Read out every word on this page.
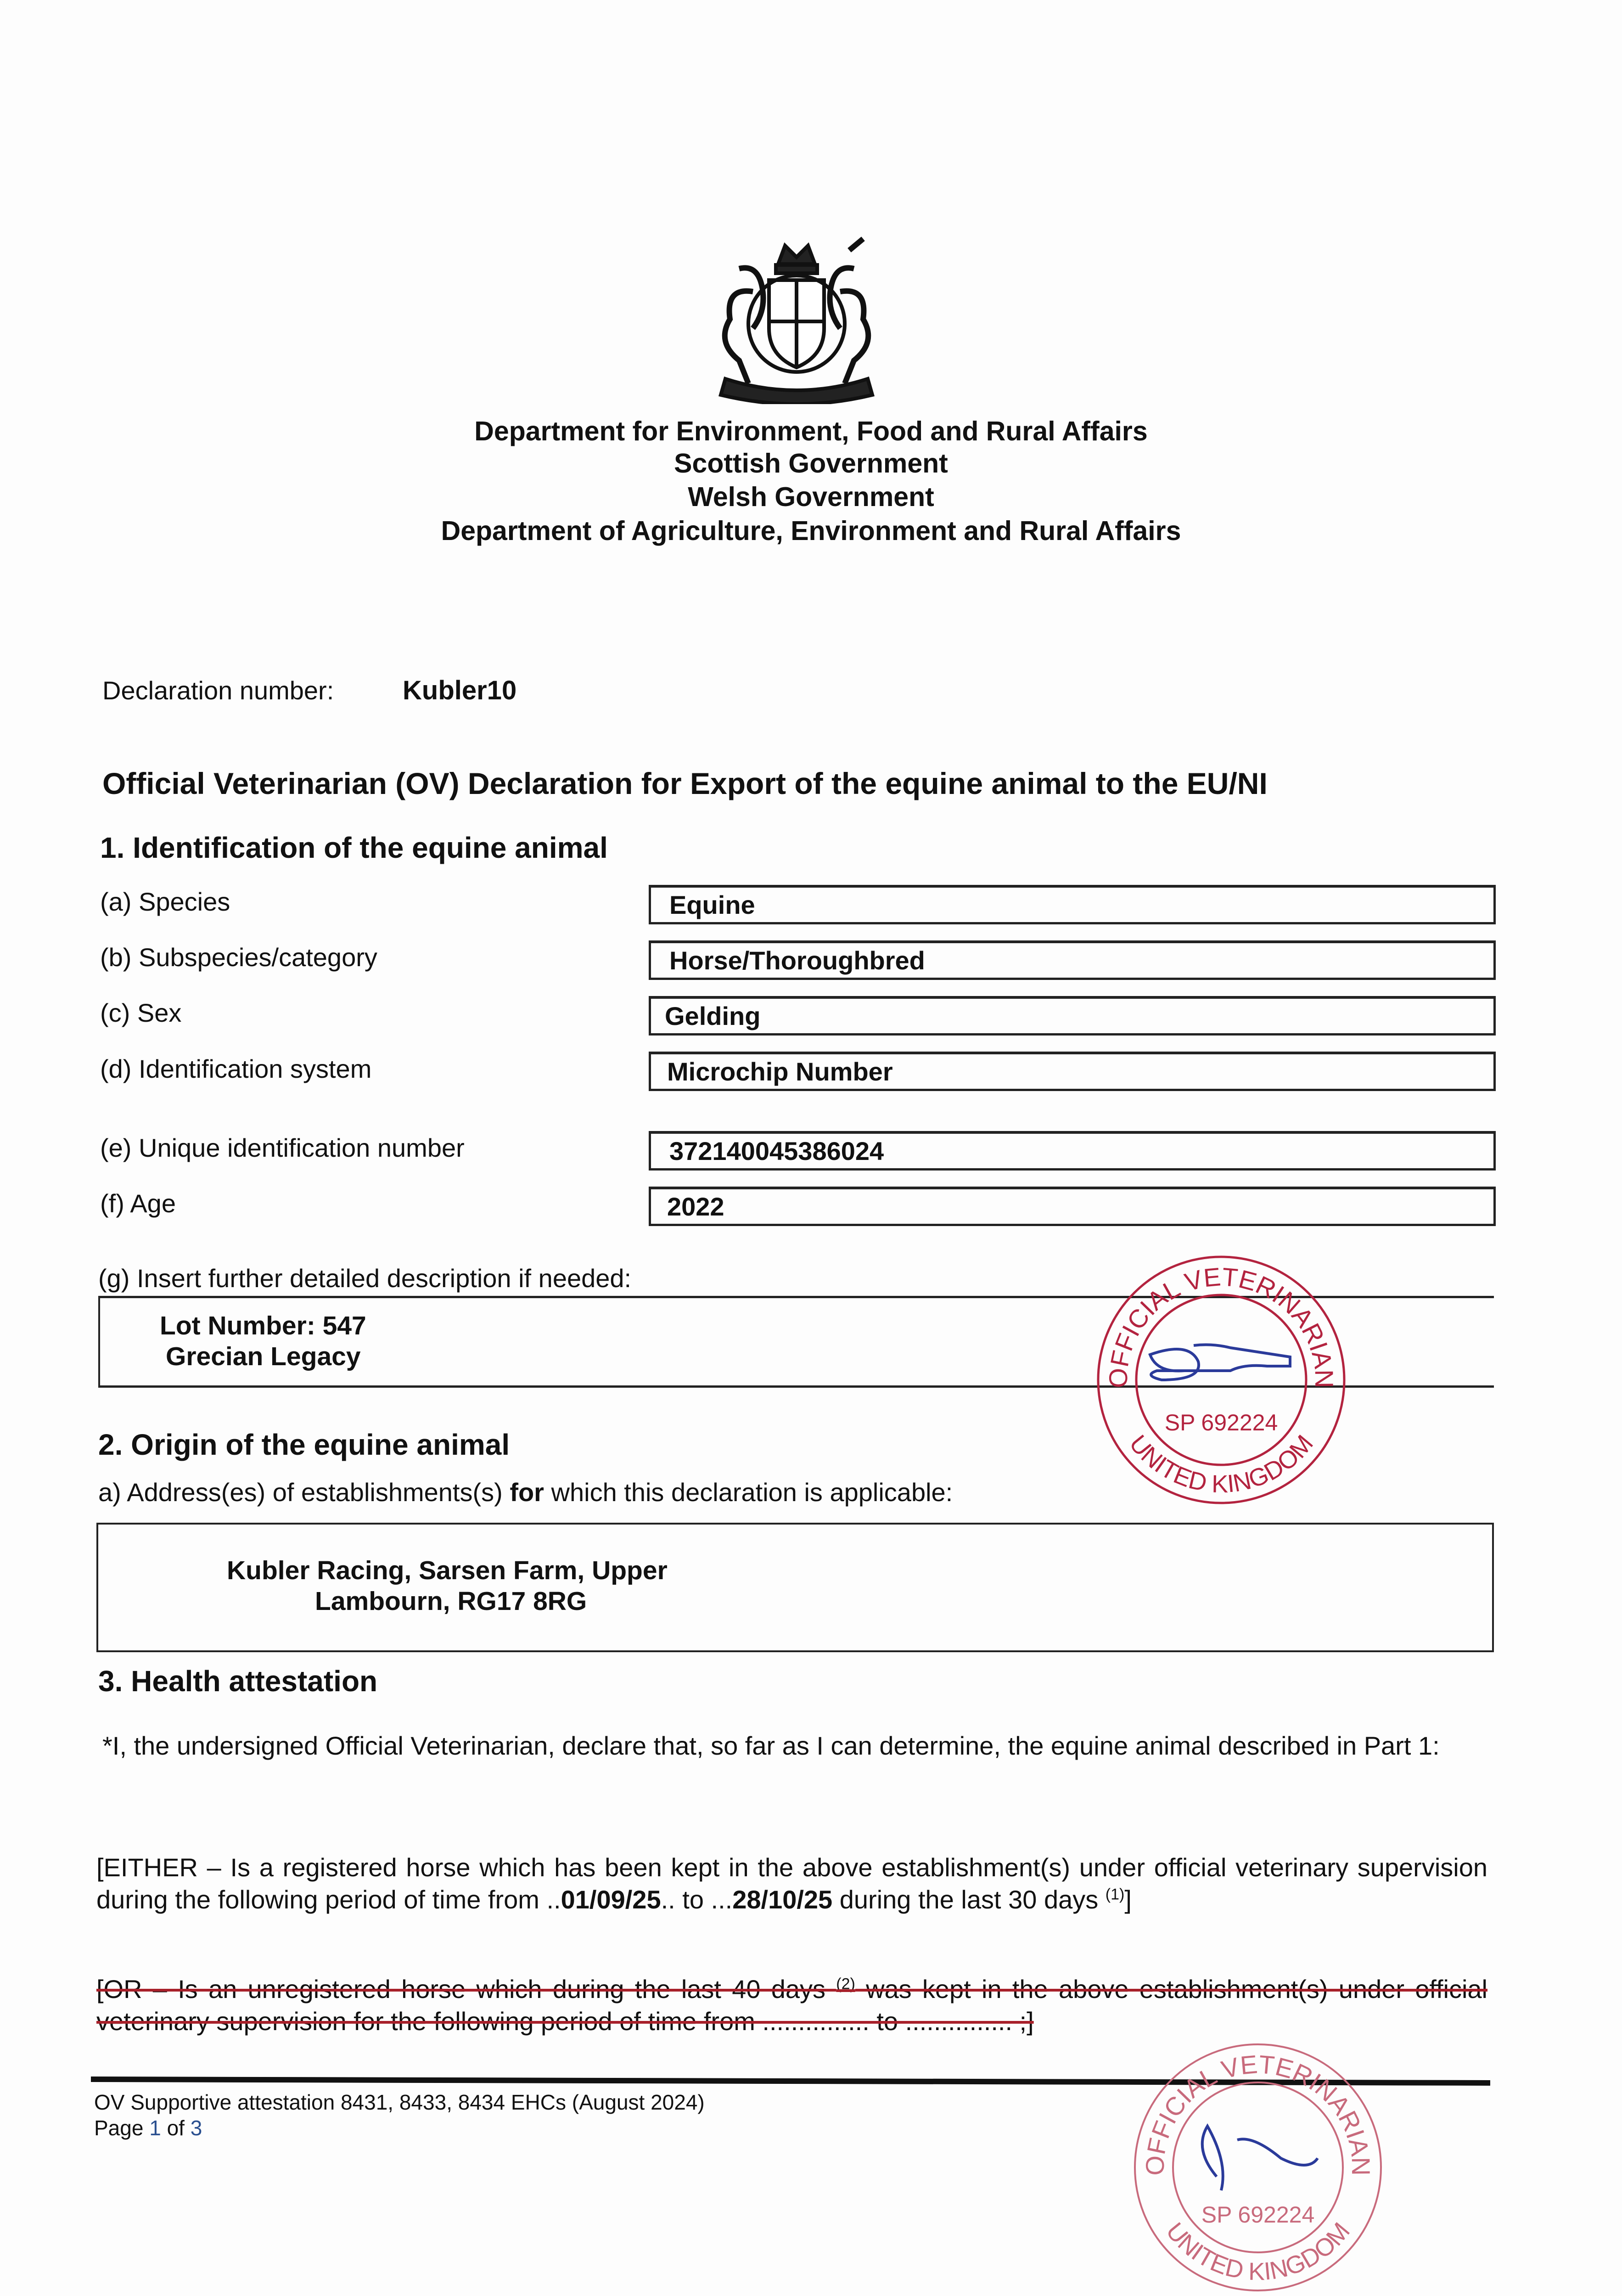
Department for Environment, Food and Rural Affairs
Scottish Government
Welsh Government
Department of Agriculture, Environment and Rural Affairs
Declaration number:	Kubler10
Official Veterinarian (OV) Declaration for Export of the equine animal to the EU/NI
1. Identification of the equine animal
(a) Species	Equine
(b) Subspecies/category	Horse/Thoroughbred
(c) Sex	Gelding
(d) Identification system	Microchip Number
(e) Unique identification number	372140045386024
(f) Age	2022
(g) Insert further detailed description if needed:
Lot Number: 547
Grecian Legacy
2. Origin of the equine animal
a) Address(es) of establishments(s) for which this declaration is applicable:
Kubler Racing, Sarsen Farm, Upper
Lambourn, RG17 8RG
3. Health attestation
*I, the undersigned Official Veterinarian, declare that, so far as I can determine, the equine animal described in Part 1:
[EITHER – Is a registered horse which has been kept in the above establishment(s) under official veterinary supervision during the following period of time from ..01/09/25.. to ...28/10/25 during the last 30 days $^{(1)}$]
[OR – Is an unregistered horse which during the last 40 days $^{(2)}$ was kept in the above establishment(s) under official veterinary supervision for the following period of time from ............... to ............... ;]
OV Supportive attestation 8431, 8433, 8434 EHCs (August 2024)
Page 1 of 3
OFFICIAL VETERINARIAN
UNITED KINGDOM
SP 692224
OFFICIAL VETERINARIAN
UNITED KINGDOM
SP 692224
